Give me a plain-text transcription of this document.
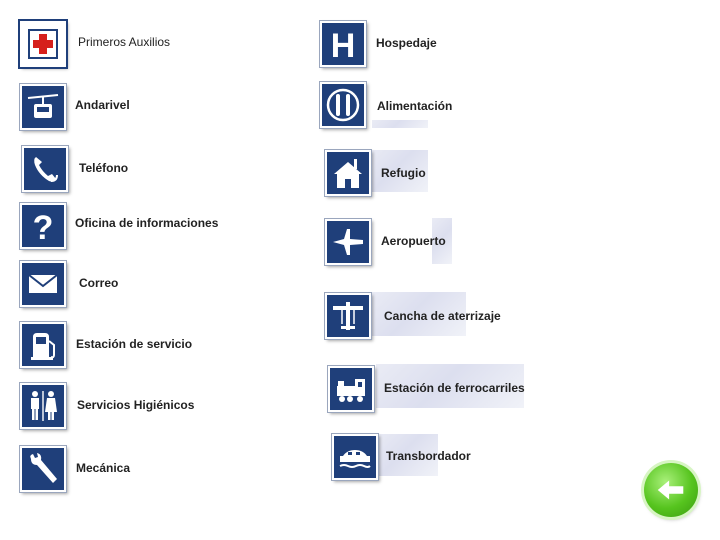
Primeros Auxilios
Andarivel
Teléfono
? Oficina de informaciones
Correo
Estación de servicio
Servicios Higiénicos
Mecánica
H Hospedaje
Alimentación
Refugio
Aeropuerto
Cancha de aterrizaje
Estación de ferrocarriles
Transbordador
